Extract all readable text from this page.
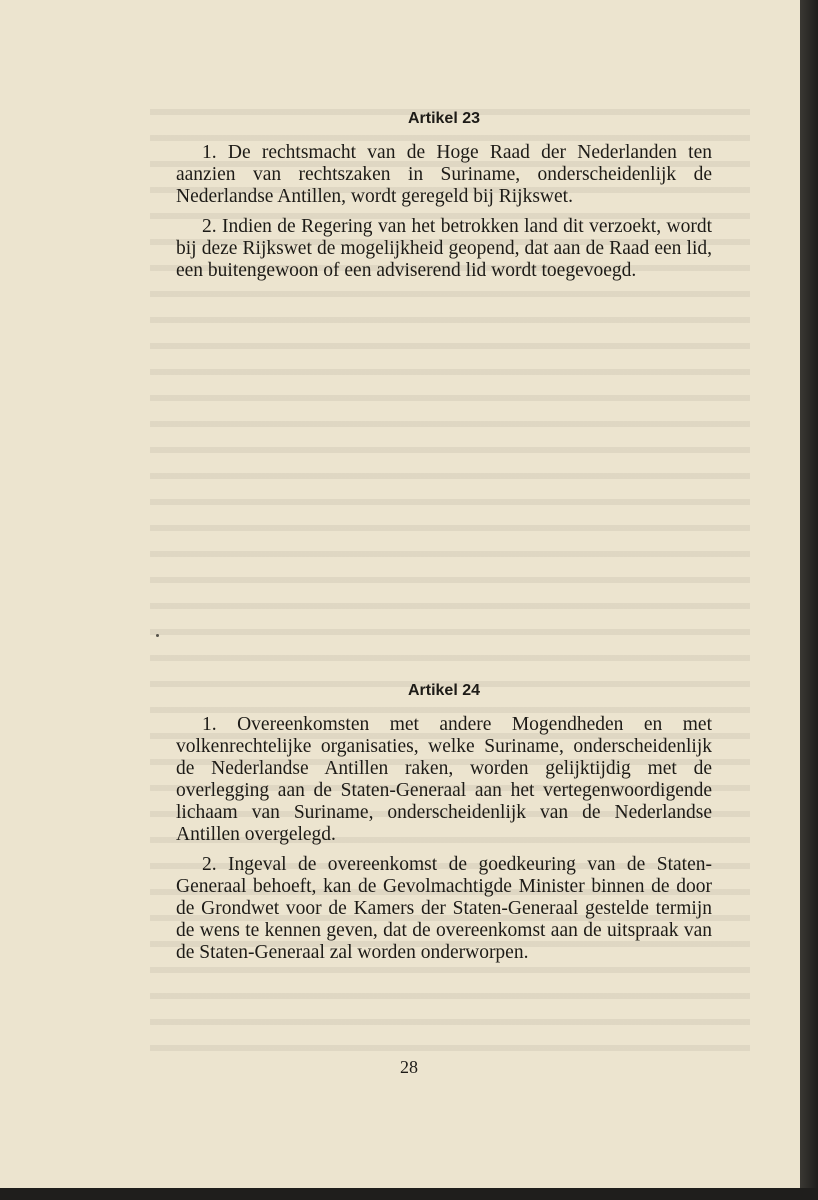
Artikel 23

1. De rechtsmacht van de Hoge Raad der Nederlanden ten aanzien van rechtszaken in Suriname, onderscheidenlijk de Nederlandse Antillen, wordt geregeld bij Rijkswet.

2. Indien de Regering van het betrokken land dit verzoekt, wordt bij deze Rijkswet de mogelijkheid geopend, dat aan de Raad een lid, een buitengewoon of een adviserend lid wordt toegevoegd.

Artikel 24

1. Overeenkomsten met andere Mogendheden en met volkenrechtelijke organisaties, welke Suriname, onderscheidenlijk de Nederlandse Antillen raken, worden gelijktijdig met de overlegging aan de Staten-Generaal aan het vertegenwoordigende lichaam van Suriname, onderscheidenlijk van de Nederlandse Antillen overgelegd.

2. Ingeval de overeenkomst de goedkeuring van de Staten-Generaal behoeft, kan de Gevolmachtigde Minister binnen de door de Grondwet voor de Kamers der Staten-Generaal gestelde termijn de wens te kennen geven, dat de overeenkomst aan de uitspraak van de Staten-Generaal zal worden onderworpen.

28
